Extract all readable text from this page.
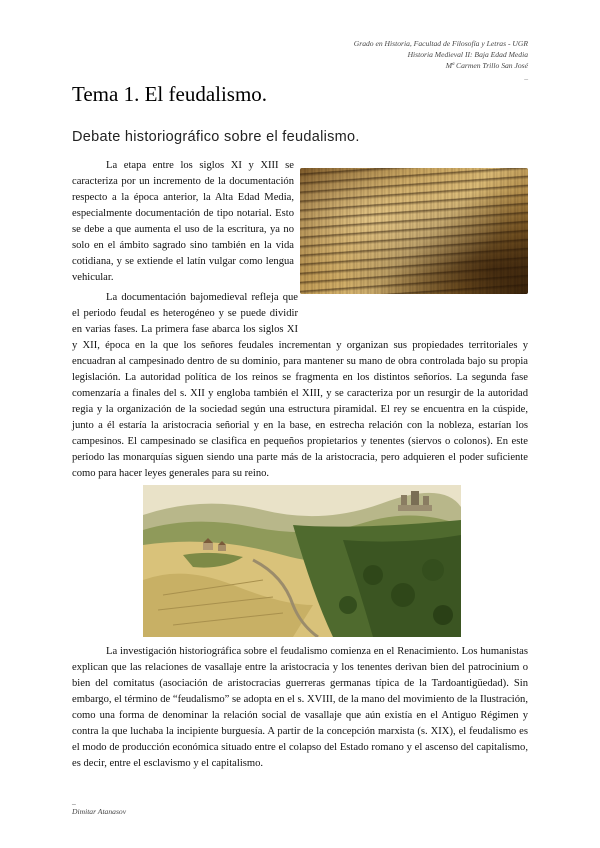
Grado en Historia, Facultad de Filosofía y Letras - UGR
Historia Medieval II: Baja Edad Media
Mª Carmen Trillo San José
_
Tema 1. El feudalismo.
Debate historiográfico sobre el feudalismo.

La etapa entre los siglos XI y XIII se caracteriza por un incremento de la documentación respecto a la época anterior, la Alta Edad Media, especialmente documentación de tipo notarial. Esto se debe a que aumenta el uso de la escritura, ya no solo en el ámbito sagrado sino también en la vida cotidiana, y se extiende el latín vulgar como lengua vehicular.

La documentación bajomedieval refleja que el periodo feudal es heterogéneo y se puede dividir en varias fases. La primera fase abarca los siglos XI y XII, época en la que los señores feudales incrementan y organizan sus propiedades territoriales y encuadran al campesinado dentro de su dominio, para mantener su mano de obra controlada bajo su propia legislación. La autoridad política de los reinos se fragmenta en los distintos señoríos. La segunda fase comenzaría a finales del s. XII y engloba también el XIII, y se caracteriza por un resurgir de la autoridad regia y la organización de la sociedad según una estructura piramidal. El rey se encuentra en la cúspide, junto a él estaría la aristocracia señorial y en la base, en estrecha relación con la nobleza, estarían los campesinos. El campesinado se clasifica en pequeños propietarios y tenentes (siervos o colonos). En este periodo las monarquías siguen siendo una parte más de la aristocracia, pero adquieren el poder suficiente como para hacer leyes generales para su reino.

La investigación historiográfica sobre el feudalismo comienza en el Renacimiento. Los humanistas explican que las relaciones de vasallaje entre la aristocracia y los tenentes derivan bien del patrocinium o bien del comitatus (asociación de aristocracias guerreras germanas típica de la Tardoantigüedad). Sin embargo, el término de “feudalismo” se adopta en el s. XVIII, de la mano del movimiento de la Ilustración, como una forma de denominar la relación social de vasallaje que aún existía en el Antiguo Régimen y contra la que luchaba la incipiente burguesía. A partir de la concepción marxista (s. XIX), el feudalismo es el modo de producción económica situado entre el colapso del Estado romano y el ascenso del capitalismo, es decir, entre el esclavismo y el capitalismo.

_
Dimitar Atanasov
